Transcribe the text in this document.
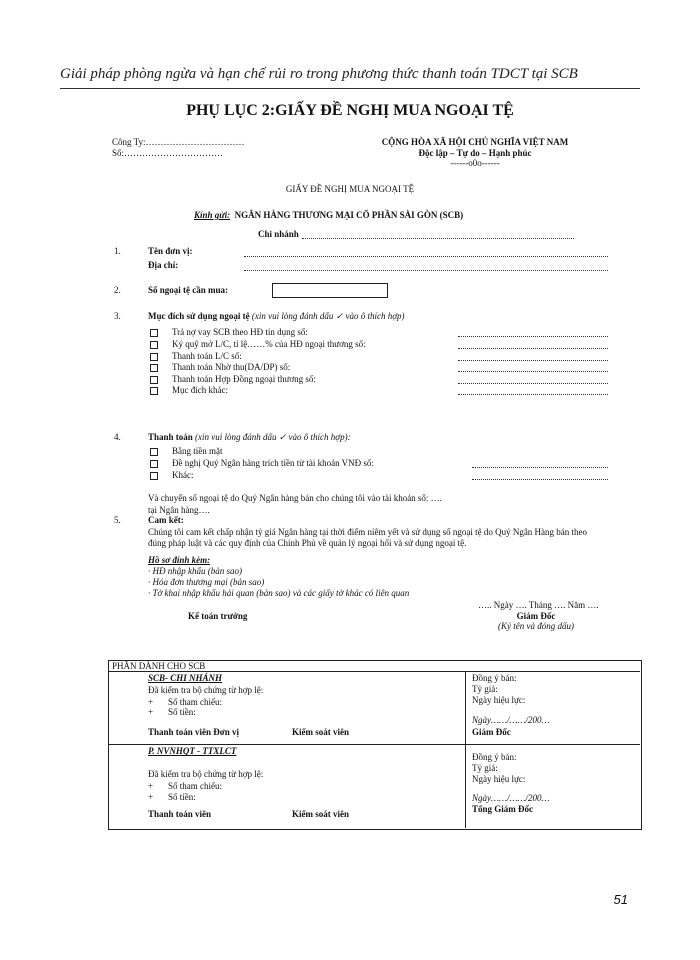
Giải pháp phòng ngừa và hạn chế rủi ro trong phương thức thanh toán TDCT tại SCB
PHỤ LỤC 2:GIẤY ĐỀ NGHỊ MUA NGOẠI TỆ
Công Ty:……………………………
Số:……………………………
CỘNG HÒA XÃ HỘI CHỦ NGHĨA VIỆT NAM
Độc lập – Tự do – Hạnh phúc
------o0o------
GIẤY ĐỀ NGHỊ MUA NGOẠI TỆ
Kính gửi: NGÂN HÀNG THƯƠNG MẠI CỔ PHẦN SÀI GÒN (SCB)
Chi nhánh
1.	Tên đơn vị:
Địa chỉ:
2.	Số ngoại tệ cần mua:
3.	Mục đích sử dụng ngoại tệ (xin vui lòng đánh dấu ✓ vào ô thích hợp)
Trả nợ vay SCB theo HĐ tín dụng số:
Ký quỹ mở L/C, tỉ lệ……% của HĐ ngoại thương số:
Thanh toán L/C số:
Thanh toán Nhờ thu(DA/DP) số:
Thanh toán Hợp Đồng ngoại thương số:
Mục đích khác:
4.	Thanh toán (xin vui lòng đánh dấu ✓ vào ô thích hợp):
Bằng tiền mặt
Đề nghị Quý Ngân hàng trích tiền từ tài khoản VNĐ số:
Khác:
Và chuyển số ngoại tệ do Quý Ngân hàng bán cho chúng tôi vào tài khoản số: ….
tại Ngân hàng….
5.	Cam kết:
Chúng tôi cam kết chấp nhận tỷ giá Ngân hàng tại thời điểm niêm yết và sử dụng số ngoại tệ do Quý Ngân Hàng bán theo
đúng pháp luật và các quy định của Chính Phủ về quản lý ngoại hối và sử dụng ngoại tệ.
Hồ sơ đính kèm:
· HĐ nhập khẩu (bản sao)
· Hóa đơn thương mại (bản sao)
· Tờ khai nhập khẩu hải quan (bản sao) và các giấy tờ khác có liên quan
….. Ngày …. Tháng …. Năm ….
Kế toán trưởng	Giám Đốc
(Ký tên và đóng dấu)
PHẦN DÀNH CHO SCB
SCB- CHI NHÁNH
Đã kiểm tra bộ chứng từ hợp lệ:
+ Số tham chiếu:
+ Số tiền:
Thanh toán viên Đơn vị	Kiểm soát viên
Đồng ý bán:
Tỷ giá:
Ngày hiệu lực:
Ngày……/……/200…
Giám Đốc
P. NVNHQT - TTXLCT
Đã kiểm tra bộ chứng từ hợp lệ:
+ Số tham chiếu:
+ Số tiền:
Thanh toán viên	Kiểm soát viên
Đồng ý bán:
Tỷ giá:
Ngày hiệu lực:
Ngày……/……/200…
Tổng Giám Đốc
51
